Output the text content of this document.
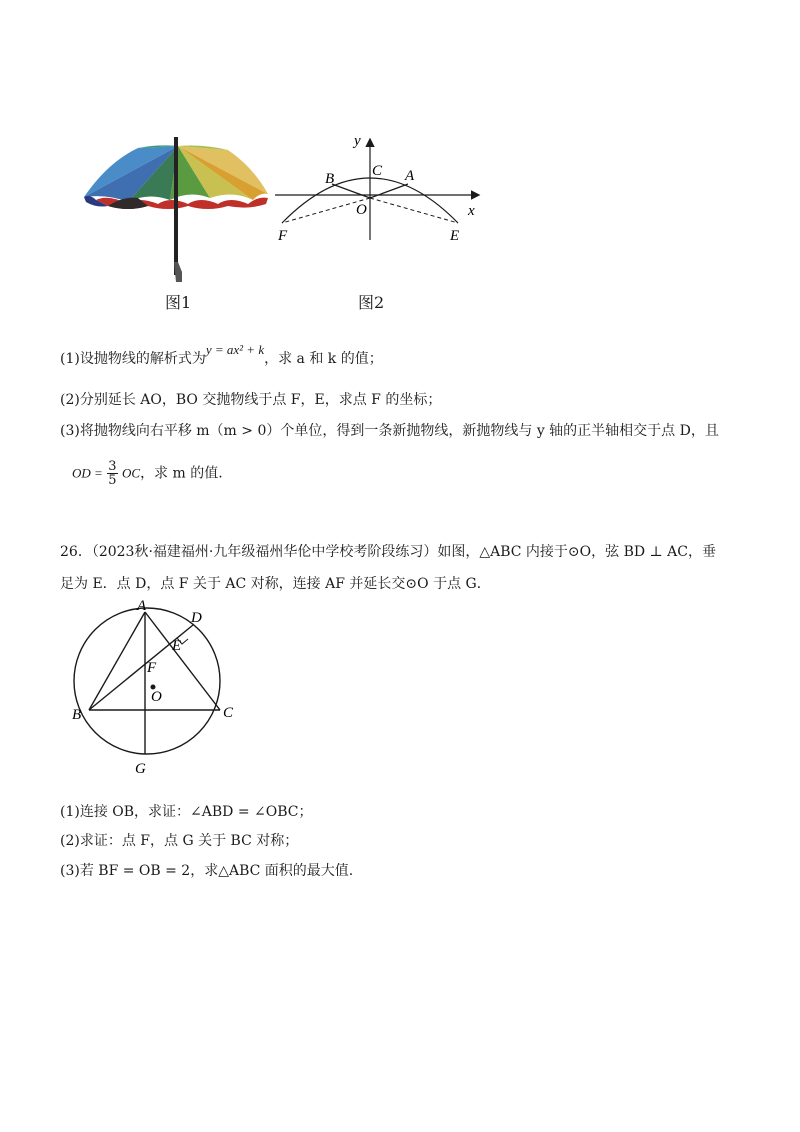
y
x
C
B	A
O
F	E
图1	图2
(1)设抛物线的解析式为y = ax² + k，求 a 和 k 的值；
(2)分别延长 AO，BO 交抛物线于点 F，E，求点 F 的坐标；
(3)将抛物线向右平移 m（m > 0）个单位，得到一条新抛物线，新抛物线与 y 轴的正半轴相交于点 D，且
OD = $\frac{3}{5}$ OC，求 m 的值.
26．（2023秋·福建福州·九年级福州华伦中学校考阶段练习）如图，△ABC 内接于⊙O，弦 BD ⊥ AC，垂
足为 E．点 D，点 F 关于 AC 对称，连接 AF 并延长交⊙O 于点 G．
A
D
E
F
O
B	C
G
(1)连接 OB，求证：∠ABD = ∠OBC；
(2)求证：点 F，点 G 关于 BC 对称；
(3)若 BF = OB = 2，求△ABC 面积的最大值.
